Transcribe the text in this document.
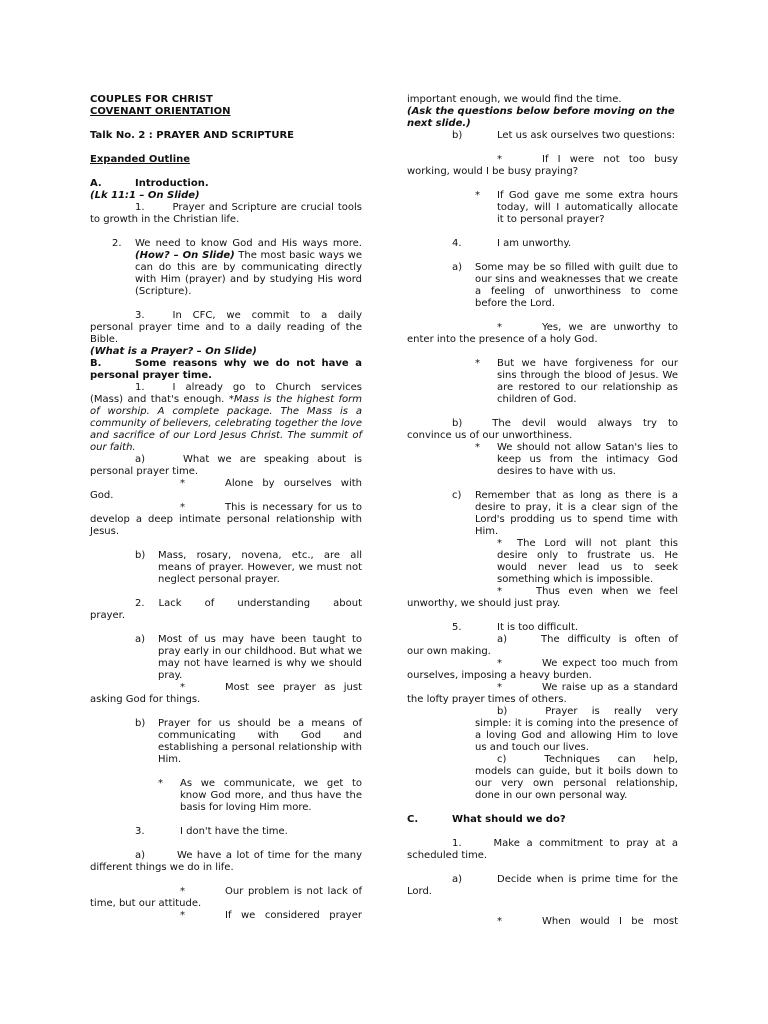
COUPLES FOR CHRIST
COVENANT ORIENTATION
Talk No. 2 : PRAYER AND SCRIPTURE
Expanded Outline
A.	Introduction.
(Lk 11:1 – On Slide)
1.	Prayer and Scripture are crucial tools to growth in the Christian life.
2. We need to know God and His ways more. (How? – On Slide) The most basic ways we can do this are by communicating directly with Him (prayer) and by studying His word (Scripture).
3.	In CFC, we commit to a daily personal prayer time and to a daily reading of the Bible.
(What is a Prayer? – On Slide)
B.	Some reasons why we do not have a personal prayer time.
1.	I already go to Church services (Mass) and that's enough. *Mass is the highest form of worship. A complete package. The Mass is a community of believers, celebrating together the love and sacrifice of our Lord Jesus Christ. The summit of our faith.
a)	What we are speaking about is personal prayer time.
*	Alone by ourselves with God.
*	This is necessary for us to develop a deep intimate personal relationship with Jesus.
b) Mass, rosary, novena, etc., are all means of prayer. However, we must not neglect personal prayer.
2. Lack of understanding about prayer.
a) Most of us may have been taught to pray early in our childhood. But what we may not have learned is why we should pray.
*	Most see prayer as just asking God for things.
b) Prayer for us should be a means of communicating with God and establishing a personal relationship with Him.
* As we communicate, we get to know God more, and thus have the basis for loving Him more.
3.	I don't have the time.
a)	We have a lot of time for the many different things we do in life.
*	Our problem is not lack of time, but our attitude.
*	If we considered prayer
important enough, we would find the time.
(Ask the questions below before moving on the next slide.)
b)	Let us ask ourselves two questions:
*	If I were not too busy working, would I be busy praying?
* If God gave me some extra hours today, will I automatically allocate it to personal prayer?
4.	I am unworthy.
a) Some may be so filled with guilt due to our sins and weaknesses that we create a feeling of unworthiness to come before the Lord.
*	Yes, we are unworthy to enter into the presence of a holy God.
* But we have forgiveness for our sins through the blood of Jesus. We are restored to our relationship as children of God.
b)	The devil would always try to convince us of our unworthiness.
* We should not allow Satan's lies to keep us from the intimacy God desires to have with us.
c) Remember that as long as there is a desire to pray, it is a clear sign of the Lord's prodding us to spend time with Him.
*	The Lord will not plant this desire only to frustrate us. He would never lead us to seek something which is impossible.
*	Thus even when we feel unworthy, we should just pray.
5.	It is too difficult.
a)	The difficulty is often of our own making.
*	We expect too much from ourselves, imposing a heavy burden.
*	We raise up as a standard the lofty prayer times of others.
b)	Prayer is really very simple: it is coming into the presence of a loving God and allowing Him to love us and touch our lives.
c)	Techniques can help, models can guide, but it boils down to our very own personal relationship, done in our own personal way.
C.	What should we do?
1.	Make a commitment to pray at a scheduled time.
a)	Decide when is prime time for the Lord.
*	When would I be most
